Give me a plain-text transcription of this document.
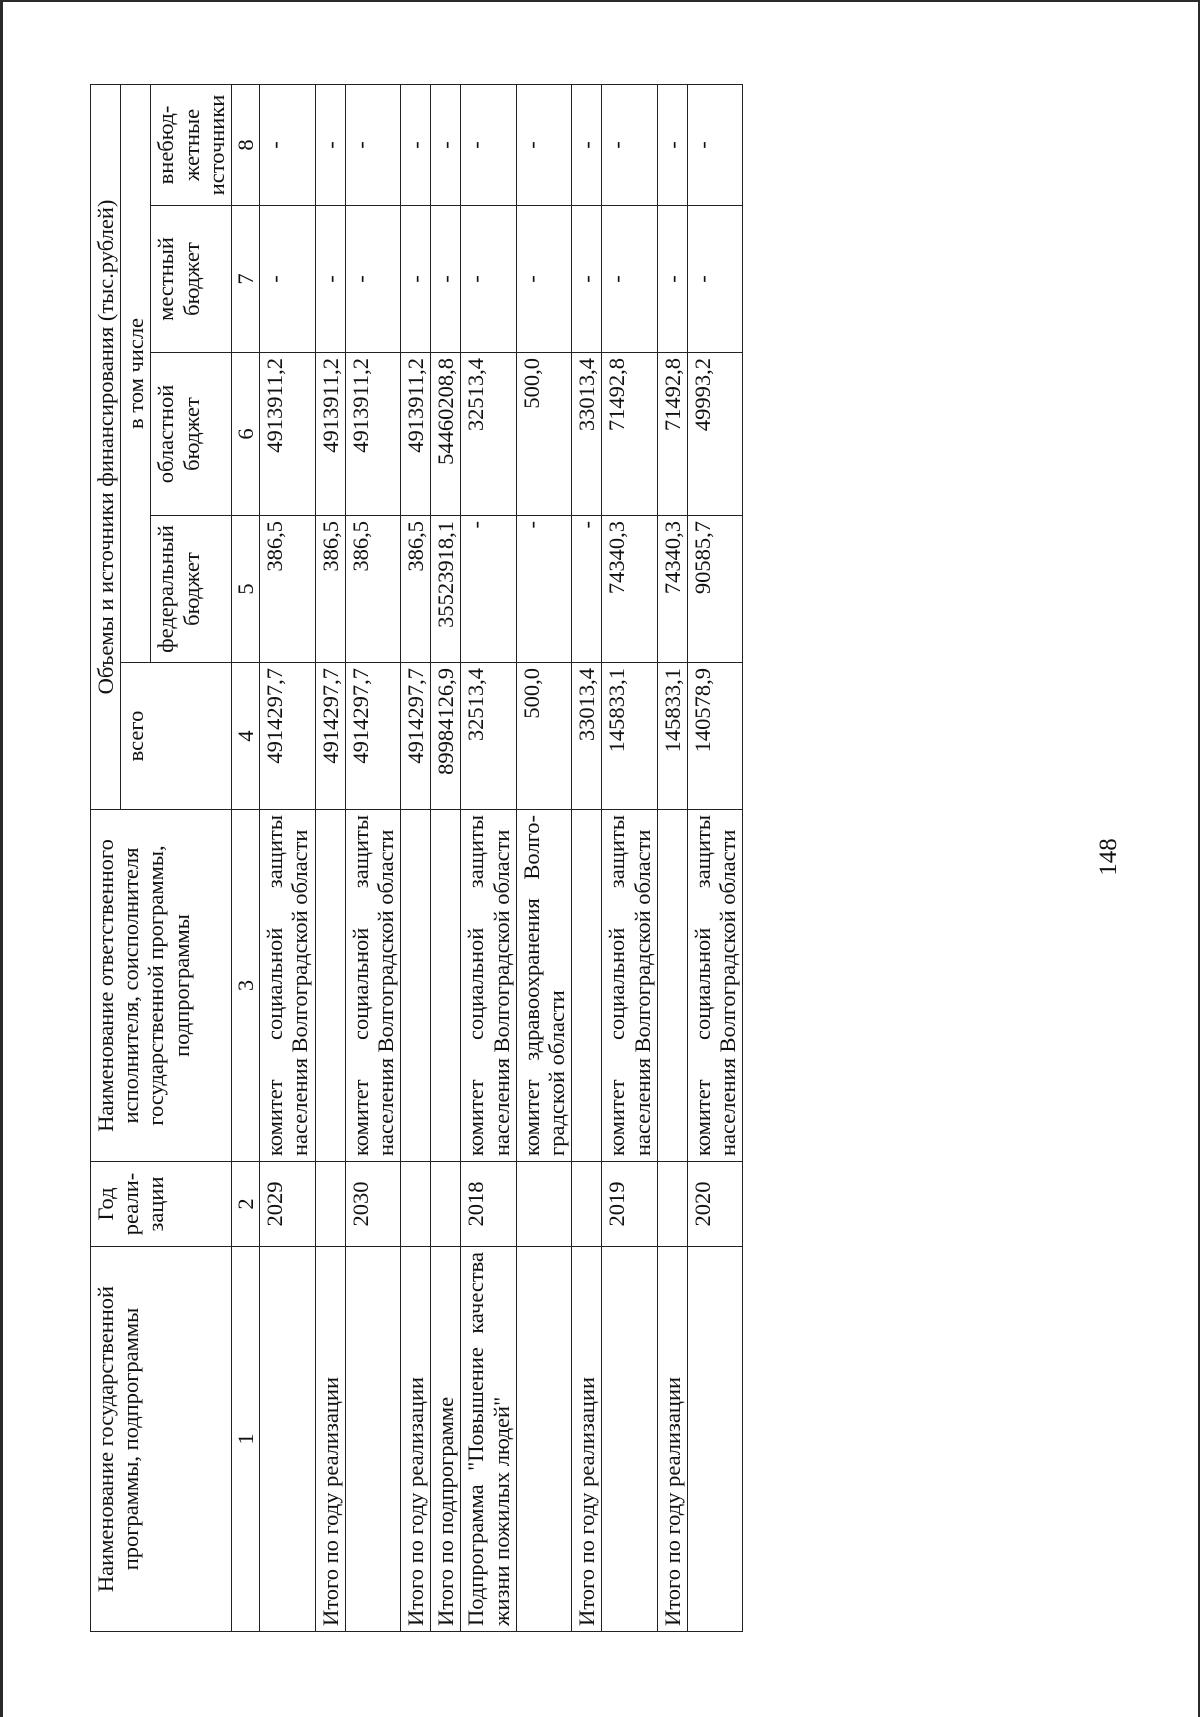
148
Наименование государственной программы, подпрограммы	Год реали-зации	Наименование ответственного исполнителя, соисполнителя государственной программы, подпрограммы	Объемы и источники финансирования (тыс.рублей)				
			всего	в том числе			
				федеральный бюджет	областной бюджет	местный бюджет	внебюд-жетные источники
1	2	3	4	5	6	7	8
	2029	комитет социальной защиты населения Волгоградской области	4914297,7	386,5	4913911,2	-	-
Итого по году реализации			4914297,7	386,5	4913911,2	-	-
	2030	комитет социальной защиты населения Волгоградской области	4914297,7	386,5	4913911,2	-	-
Итого по году реализации			4914297,7	386,5	4913911,2	-	-
Итого по подпрограмме			89984126,9	35523918,1	54460208,8	-	-
Подпрограмма "Повышение качества жизни пожилых людей"	2018	комитет социальной защиты населения Волгоградской области	32513,4	-	32513,4	-	-
		комитет здравоохранения Волго-градской области	500,0	-	500,0	-	-
Итого по году реализации			33013,4	-	33013,4	-	-
	2019	комитет социальной защиты населения Волгоградской области	145833,1	74340,3	71492,8	-	-
Итого по году реализации			145833,1	74340,3	71492,8	-	-
	2020	комитет социальной защиты населения Волгоградской области	140578,9	90585,7	49993,2	-	-
